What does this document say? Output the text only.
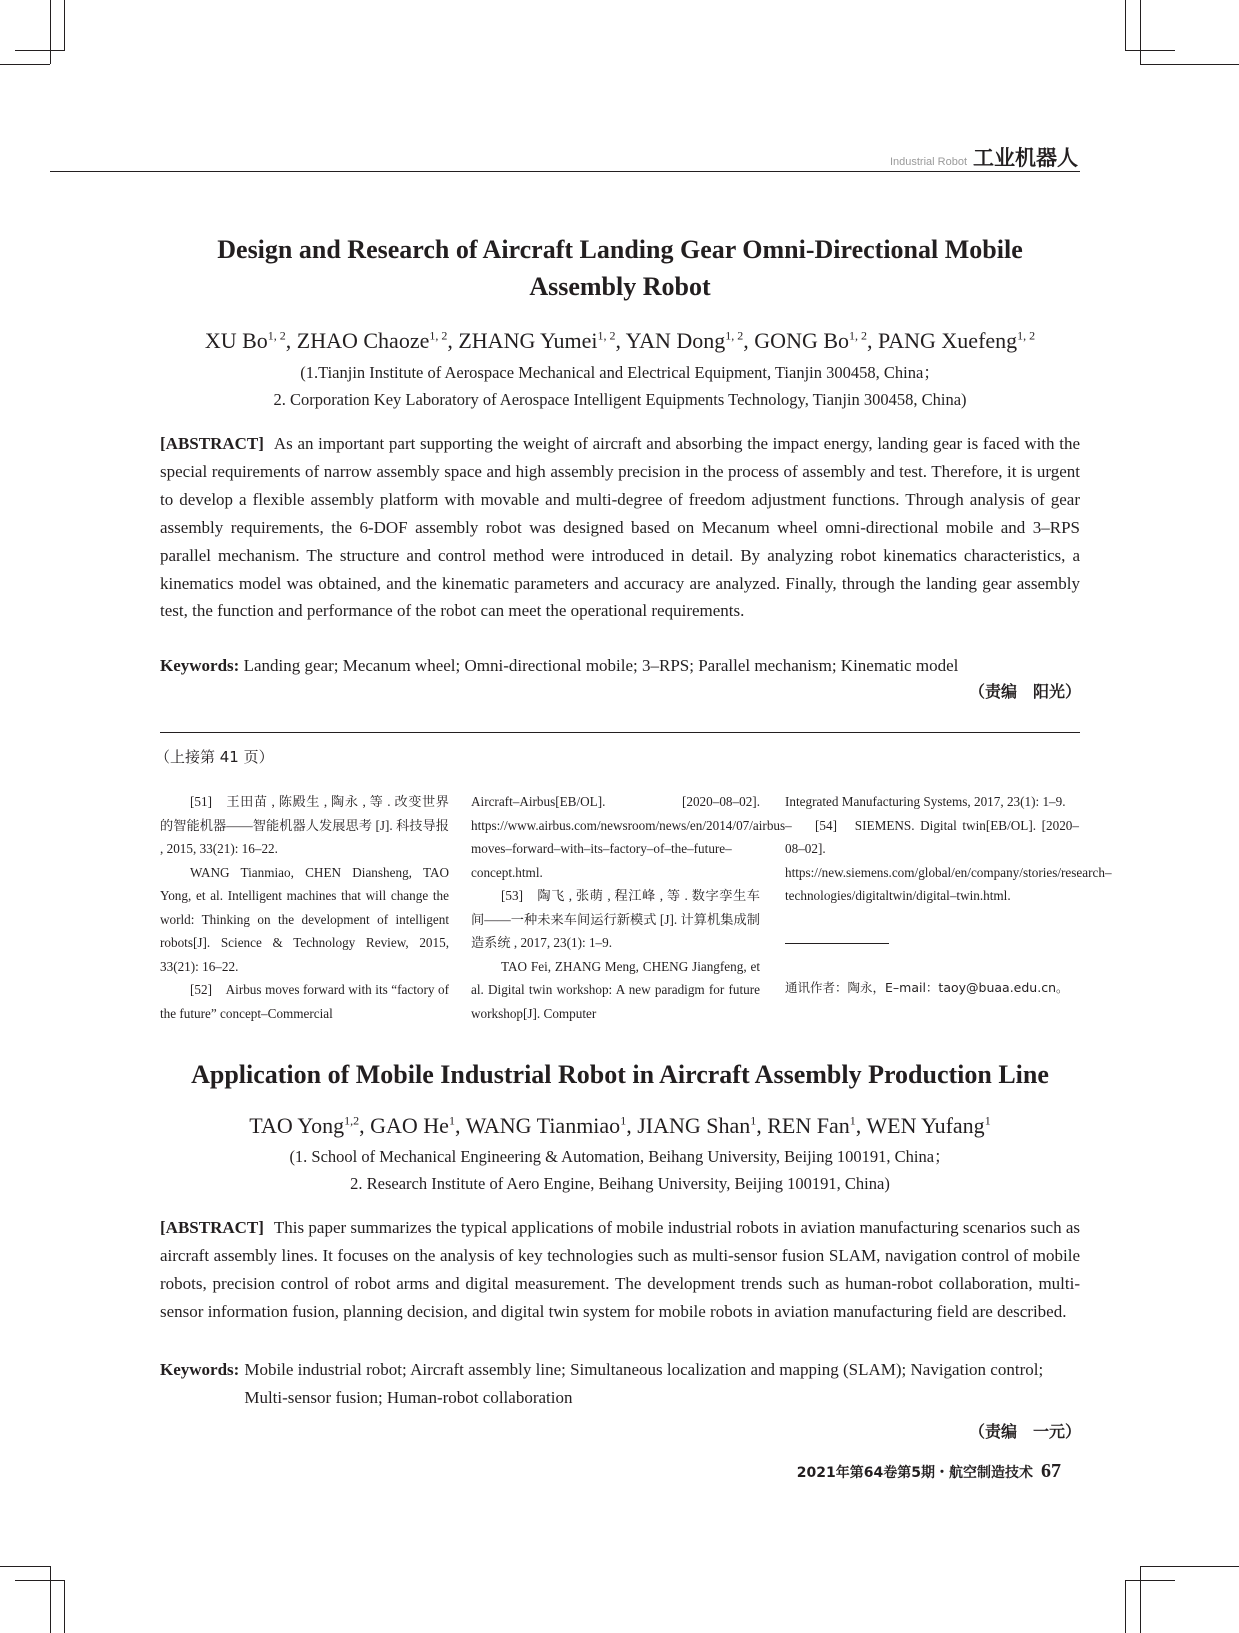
Industrial Robot 工业机器人
Design and Research of Aircraft Landing Gear Omni-Directional Mobile
Assembly Robot
XU Bo$^{1, 2}$, ZHAO Chaoze$^{1, 2}$, ZHANG Yumei$^{1, 2}$, YAN Dong$^{1, 2}$, GONG Bo$^{1, 2}$, PANG Xuefeng$^{1, 2}$
(1.Tianjin Institute of Aerospace Mechanical and Electrical Equipment, Tianjin 300458, China；
2. Corporation Key Laboratory of Aerospace Intelligent Equipments Technology, Tianjin 300458, China)

[ABSTRACT] As an important part supporting the weight of aircraft and absorbing the impact energy, landing gear is faced with the special requirements of narrow assembly space and high assembly precision in the process of assembly and test. Therefore, it is urgent to develop a flexible assembly platform with movable and multi-degree of freedom adjustment functions. Through analysis of gear assembly requirements, the 6-DOF assembly robot was designed based on Mecanum wheel omni-directional mobile and 3–RPS parallel mechanism. The structure and control method were introduced in detail. By analyzing robot kinematics characteristics, a kinematics model was obtained, and the kinematic parameters and accuracy are analyzed. Finally, through the landing gear assembly test, the function and performance of the robot can meet the operational requirements.

Keywords: Landing gear; Mecanum wheel; Omni-directional mobile; 3–RPS; Parallel mechanism; Kinematic model
（责编　阳光）
（上接第 41 页）

[51]　王田苗 , 陈殿生 , 陶永 , 等 . 改变世界的智能机器——智能机器人发展思考 [J]. 科技导报 , 2015, 33(21): 16–22.

WANG Tianmiao, CHEN Diansheng, TAO Yong, et al. Intelligent machines that will change the world: Thinking on the development of intelligent robots[J]. Science & Technology Review, 2015, 33(21): 16–22.

[52]　Airbus moves forward with its “factory of the future” concept–Commercial

Aircraft–Airbus[EB/OL]. [2020–08–02]. https://www.airbus.com/newsroom/news/en/2014/07/airbus–moves–forward–with–its–factory–of–the–future–concept.html.

[53]　陶飞 , 张萌 , 程江峰 , 等 . 数字孪生车间——一种未来车间运行新模式 [J]. 计算机集成制造系统 , 2017, 23(1): 1–9.

TAO Fei, ZHANG Meng, CHENG Jiangfeng, et al. Digital twin workshop: A new paradigm for future workshop[J]. Computer

Integrated Manufacturing Systems, 2017, 23(1): 1–9.

[54]　SIEMENS. Digital twin[EB/OL]. [2020–08–02]. https://new.siemens.com/global/en/company/stories/research–technologies/digitaltwin/digital–twin.html.

通讯作者：陶永，E–mail：taoy@buaa.edu.cn。

Application of Mobile Industrial Robot in Aircraft Assembly Production Line
TAO Yong$^{1,2}$, GAO He$^1$, WANG Tianmiao$^1$, JIANG Shan$^1$, REN Fan$^1$, WEN Yufang$^1$
(1. School of Mechanical Engineering & Automation, Beihang University, Beijing 100191, China；
2. Research Institute of Aero Engine, Beihang University, Beijing 100191, China)

[ABSTRACT] This paper summarizes the typical applications of mobile industrial robots in aviation manufacturing scenarios such as aircraft assembly lines. It focuses on the analysis of key technologies such as multi-sensor fusion SLAM, navigation control of mobile robots, precision control of robot arms and digital measurement. The development trends such as human-robot collaboration, multi-sensor information fusion, planning decision, and digital twin system for mobile robots in aviation manufacturing field are described.

Keywords: Mobile industrial robot; Aircraft assembly line; Simultaneous localization and mapping (SLAM); Navigation control; Multi-sensor fusion; Human-robot collaboration
（责编　一元）
2021年第64卷第5期・航空制造技术 67
